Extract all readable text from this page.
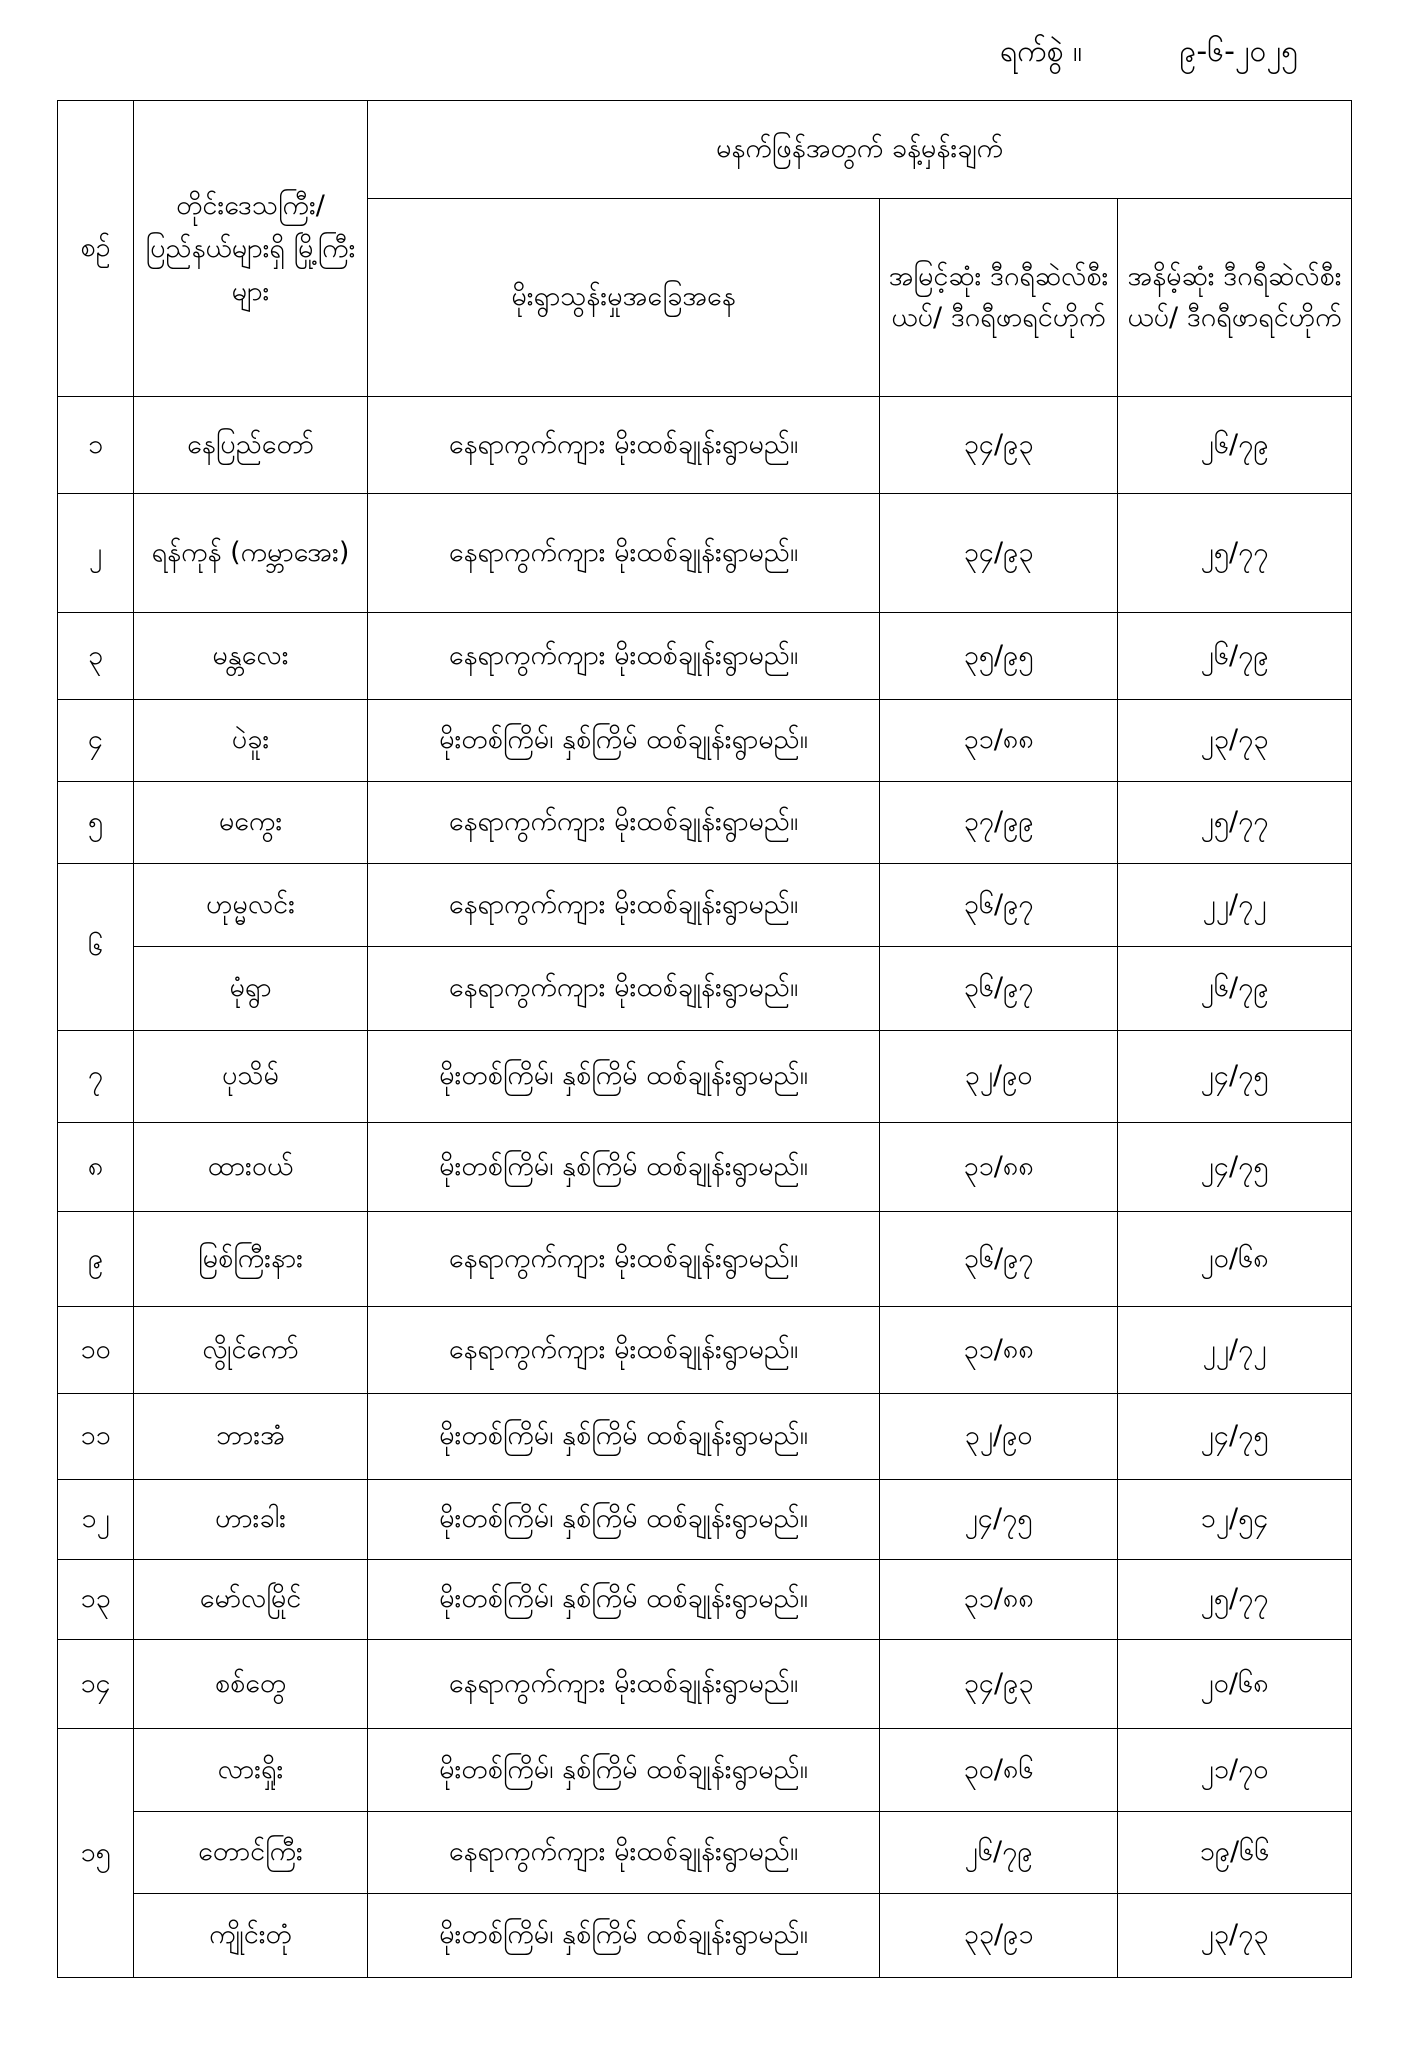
ရက်စွဲ ။	၉-၆-၂၀၂၅
စဉ်	တိုင်းဒေသကြီး/ ပြည်နယ်များရှိ မြို့ကြီးများ	မနက်ဖြန်အတွက် ခန့်မှန်းချက်		
		မိုးရွာသွန်းမှုအခြေအနေ	အမြင့်ဆုံး ဒီဂရီဆဲလ်စီးယပ်/ ဒီဂရီဖာရင်ဟိုက်	အနိမ့်ဆုံး ဒီဂရီဆဲလ်စီးယပ်/ ဒီဂရီဖာရင်ဟိုက်
၁	နေပြည်တော်	နေရာကွက်ကျား မိုးထစ်ချုန်းရွာမည်။	၃၄/၉၃	၂၆/၇၉
၂	ရန်ကုန် (ကမ္ဘာအေး)	နေရာကွက်ကျား မိုးထစ်ချုန်းရွာမည်။	၃၄/၉၃	၂၅/၇၇
၃	မန္တလေး	နေရာကွက်ကျား မိုးထစ်ချုန်းရွာမည်။	၃၅/၉၅	၂၆/၇၉
၄	ပဲခူး	မိုးတစ်ကြိမ်၊ နှစ်ကြိမ် ထစ်ချုန်းရွာမည်။	၃၁/၈၈	၂၃/၇၃
၅	မကွေး	နေရာကွက်ကျား မိုးထစ်ချုန်းရွာမည်။	၃၇/၉၉	၂၅/၇၇
၆	ဟုမ္မလင်း	နေရာကွက်ကျား မိုးထစ်ချုန်းရွာမည်။	၃၆/၉၇	၂၂/၇၂
	မုံရွာ	နေရာကွက်ကျား မိုးထစ်ချုန်းရွာမည်။	၃၆/၉၇	၂၆/၇၉
၇	ပုသိမ်	မိုးတစ်ကြိမ်၊ နှစ်ကြိမ် ထစ်ချုန်းရွာမည်။	၃၂/၉၀	၂၄/၇၅
၈	ထားဝယ်	မိုးတစ်ကြိမ်၊ နှစ်ကြိမ် ထစ်ချုန်းရွာမည်။	၃၁/၈၈	၂၄/၇၅
၉	မြစ်ကြီးနား	နေရာကွက်ကျား မိုးထစ်ချုန်းရွာမည်။	၃၆/၉၇	၂၀/၆၈
၁၀	လွိုင်ကော်	နေရာကွက်ကျား မိုးထစ်ချုန်းရွာမည်။	၃၁/၈၈	၂၂/၇၂
၁၁	ဘားအံ	မိုးတစ်ကြိမ်၊ နှစ်ကြိမ် ထစ်ချုန်းရွာမည်။	၃၂/၉၀	၂၄/၇၅
၁၂	ဟားခါး	မိုးတစ်ကြိမ်၊ နှစ်ကြိမ် ထစ်ချုန်းရွာမည်။	၂၄/၇၅	၁၂/၅၄
၁၃	မော်လမြိုင်	မိုးတစ်ကြိမ်၊ နှစ်ကြိမ် ထစ်ချုန်းရွာမည်။	၃၁/၈၈	၂၅/၇၇
၁၄	စစ်တွေ	နေရာကွက်ကျား မိုးထစ်ချုန်းရွာမည်။	၃၄/၉၃	၂၀/၆၈
၁၅	လားရှိုး	မိုးတစ်ကြိမ်၊ နှစ်ကြိမ် ထစ်ချုန်းရွာမည်။	၃၀/၈၆	၂၁/၇၀
	တောင်ကြီး	နေရာကွက်ကျား မိုးထစ်ချုန်းရွာမည်။	၂၆/၇၉	၁၉/၆၆
	ကျိုင်းတုံ	မိုးတစ်ကြိမ်၊ နှစ်ကြိမ် ထစ်ချုန်းရွာမည်။	၃၃/၉၁	၂၃/၇၃
